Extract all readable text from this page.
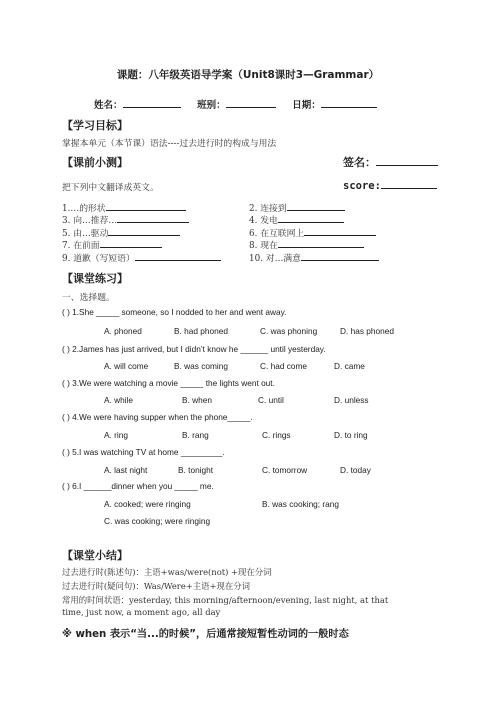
课题：八年级英语导学案（Unit8课时3—Grammar）
姓名：	班别：	日期：
【学习目标】
掌握本单元（本节课）语法----过去进行时的构成与用法
【课前小测】	签名：
把下列中文翻译成英文。	score:
1.…的形状	2. 连接到
3. 向…推荐…	4. 发电
5. 由…驱动	6. 在互联网上
7. 在前面	8. 现在
9. 道歉（写短语）	10. 对…满意
【课堂练习】
一、选择题。
( ) 1.She _____ someone, so I nodded to her and went away.
A. phoned	B. had phoned	C. was phoning	D. has phoned
( ) 2.James has just arrived, but I didn’t know he ______ until yesterday.
A. will come	B. was coming	C. had come	D. came
( ) 3.We were watching a movie _____ the lights went out.
A. while	B. when	C. until	D. unless
( ) 4.We were having supper when the phone_____.
A. ring	B. rang	C. rings	D. to ring
( ) 5.I was watching TV at home _________.
A. last night	B. tonight	C. tomorrow	D. today
( ) 6.I ______dinner when you _____ me.
A. cooked; were ringing	B. was cooking; rang
C. was cooking; were ringing
【课堂小结】
过去进行时(陈述句)：主语+was/were(not) +现在分词
过去进行时(疑问句)：Was/Were+主语+现在分词
常用的时间状语：yesterday, this morning/afternoon/evening, last night, at that
time, just now, a moment ago, all day
※ when 表示“当...的时候”，后通常接短暂性动词的一般时态
